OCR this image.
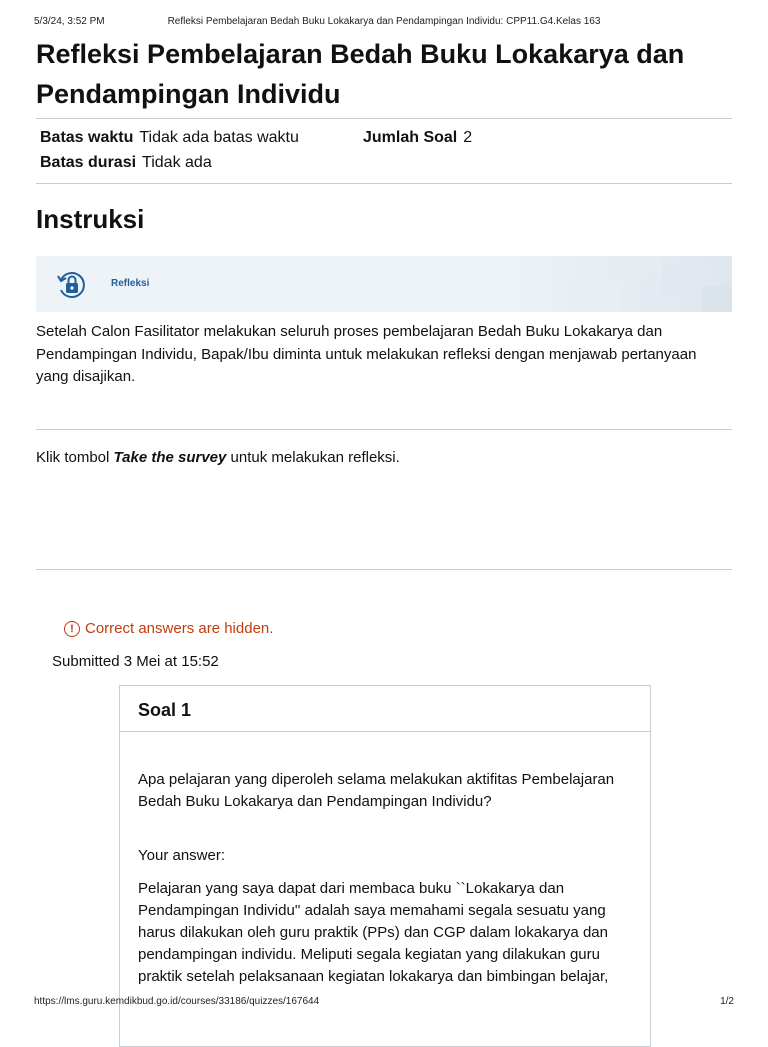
5/3/24, 3:52 PM	Refleksi Pembelajaran Bedah Buku Lokakarya dan Pendampingan Individu: CPP11.G4.Kelas 163
Refleksi Pembelajaran Bedah Buku Lokakarya dan Pendampingan Individu
Batas waktu Tidak ada batas waktu	Jumlah Soal 2
Batas durasi Tidak ada
Instruksi
Refleksi

Setelah Calon Fasilitator melakukan seluruh proses pembelajaran Bedah Buku Lokakarya dan Pendampingan Individu, Bapak/Ibu diminta untuk melakukan refleksi dengan menjawab pertanyaan yang disajikan.

Klik tombol Take the survey untuk melakukan refleksi.

! Correct answers are hidden.
Submitted 3 Mei at 15:52
Soal 1

Apa pelajaran yang diperoleh selama melakukan aktifitas Pembelajaran Bedah Buku Lokakarya dan Pendampingan Individu?

Your answer:

Pelajaran yang saya dapat dari membaca buku ``Lokakarya dan Pendampingan Individu'' adalah saya memahami segala sesuatu yang harus dilakukan oleh guru praktik (PPs) dan CGP dalam lokakarya dan pendampingan individu. Meliputi segala kegiatan yang dilakukan guru praktik setelah pelaksanaan kegiatan lokakarya dan bimbingan belajar,

https://lms.guru.kemdikbud.go.id/courses/33186/quizzes/167644	1/2
